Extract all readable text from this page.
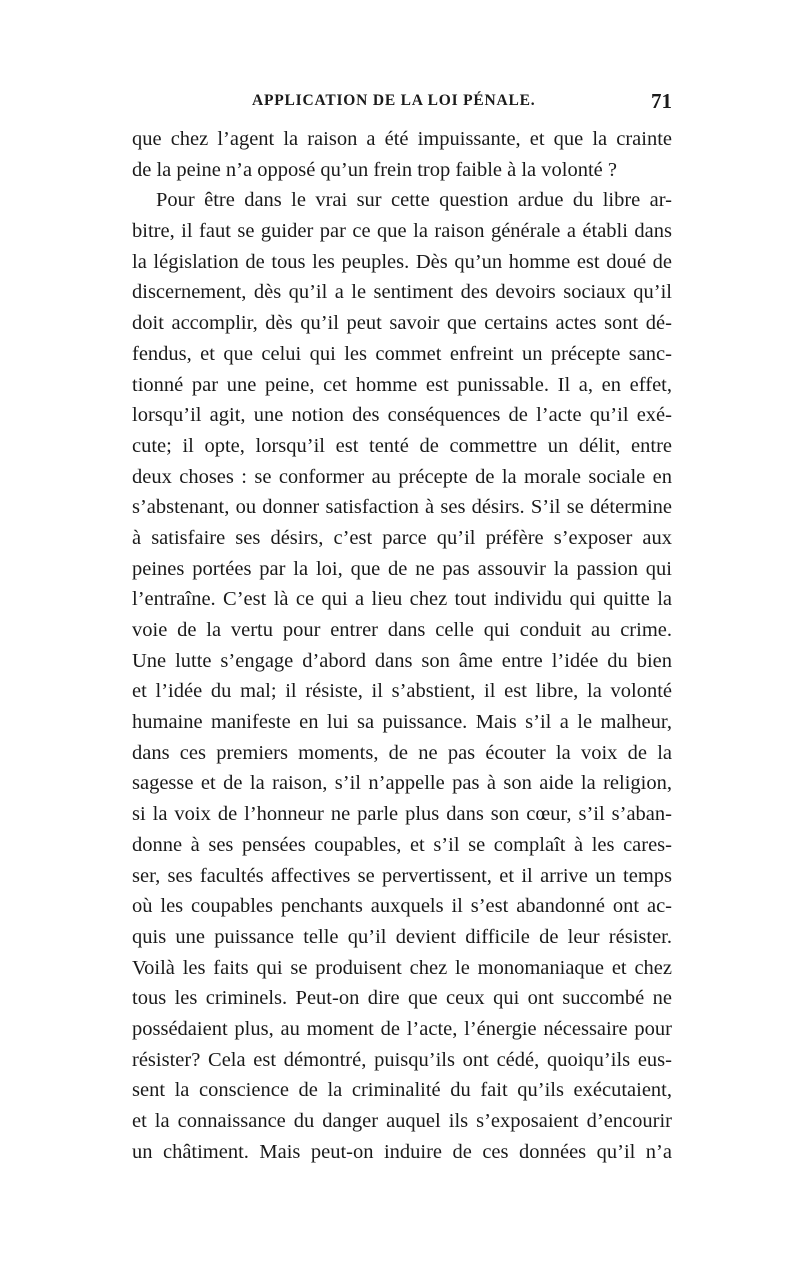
APPLICATION DE LA LOI PÉNALE.	71
que chez l’agent la raison a été impuissante, et que la crainte
de la peine n’a opposé qu’un frein trop faible à la volonté ?
Pour être dans le vrai sur cette question ardue du libre ar-
bitre, il faut se guider par ce que la raison générale a établi dans
la législation de tous les peuples. Dès qu’un homme est doué de
discernement, dès qu’il a le sentiment des devoirs sociaux qu’il
doit accomplir, dès qu’il peut savoir que certains actes sont dé-
fendus, et que celui qui les commet enfreint un précepte sanc-
tionné par une peine, cet homme est punissable. Il a, en effet,
lorsqu’il agit, une notion des conséquences de l’acte qu’il exé-
cute; il opte, lorsqu’il est tenté de commettre un délit, entre
deux choses : se conformer au précepte de la morale sociale en
s’abstenant, ou donner satisfaction à ses désirs. S’il se détermine
à satisfaire ses désirs, c’est parce qu’il préfère s’exposer aux
peines portées par la loi, que de ne pas assouvir la passion qui
l’entraîne. C’est là ce qui a lieu chez tout individu qui quitte la
voie de la vertu pour entrer dans celle qui conduit au crime.
Une lutte s’engage d’abord dans son âme entre l’idée du bien
et l’idée du mal; il résiste, il s’abstient, il est libre, la volonté
humaine manifeste en lui sa puissance. Mais s’il a le malheur,
dans ces premiers moments, de ne pas écouter la voix de la
sagesse et de la raison, s’il n’appelle pas à son aide la religion,
si la voix de l’honneur ne parle plus dans son cœur, s’il s’aban-
donne à ses pensées coupables, et s’il se complaît à les cares-
ser, ses facultés affectives se pervertissent, et il arrive un temps
où les coupables penchants auxquels il s’est abandonné ont ac-
quis une puissance telle qu’il devient difficile de leur résister.
Voilà les faits qui se produisent chez le monomaniaque et chez
tous les criminels. Peut-on dire que ceux qui ont succombé ne
possédaient plus, au moment de l’acte, l’énergie nécessaire pour
résister? Cela est démontré, puisqu’ils ont cédé, quoiqu’ils eus-
sent la conscience de la criminalité du fait qu’ils exécutaient,
et la connaissance du danger auquel ils s’exposaient d’encourir
un châtiment. Mais peut-on induire de ces données qu’il n’a
